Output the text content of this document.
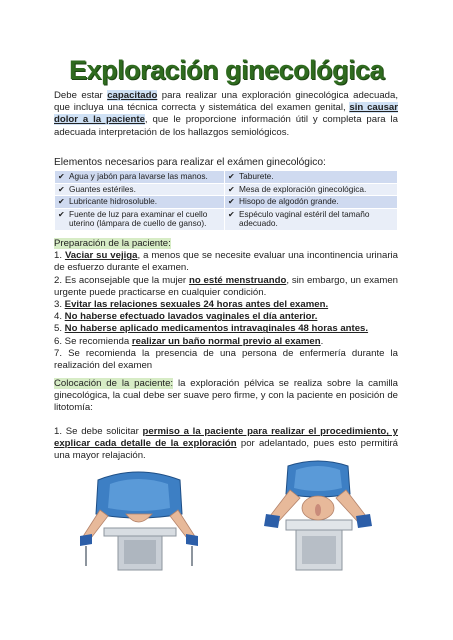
Exploración ginecológica

Debe estar capacitado para realizar una exploración ginecológica adecuada, que incluya una técnica correcta y sistemática del examen genital, sin causar dolor a la paciente, que le proporcione información útil y completa para la adecuada interpretación de los hallazgos semiológicos.

Elementos necesarios para realizar el exámen ginecológico:
✔ Agua y jabón para lavarse las manos.	✔ Taburete.

✔ Guantes estériles.	✔ Mesa de exploración ginecológica.

✔ Lubricante hidrosoluble.	✔ Hisopo de algodón grande.

✔ Fuente de luz para examinar el cuello uterino (lámpara de cuello de ganso).	✔ Espéculo vaginal estéril del tamaño adecuado.
Preparación de la paciente:
1. Vaciar su vejiga, a menos que se necesite evaluar una incontinencia urinaria de esfuerzo durante el examen.
2. Es aconsejable que la mujer no esté menstruando, sin embargo, un examen urgente puede practicarse en cualquier condición.
3. Evitar las relaciones sexuales 24 horas antes del examen.
4. No haberse efectuado lavados vaginales el día anterior.
5. No haberse aplicado medicamentos intravaginales 48 horas antes.
6. Se recomienda realizar un baño normal previo al examen.
7. Se recomienda la presencia de una persona de enfermería durante la realización del examen

Colocación de la paciente: la exploración pélvica se realiza sobre la camilla ginecológica, la cual debe ser suave pero firme, y con la paciente en posición de litotomía:

1. Se debe solicitar permiso a la paciente para realizar el procedimiento, y explicar cada detalle de la exploración por adelantado, pues esto permitirá una mayor relajación.
